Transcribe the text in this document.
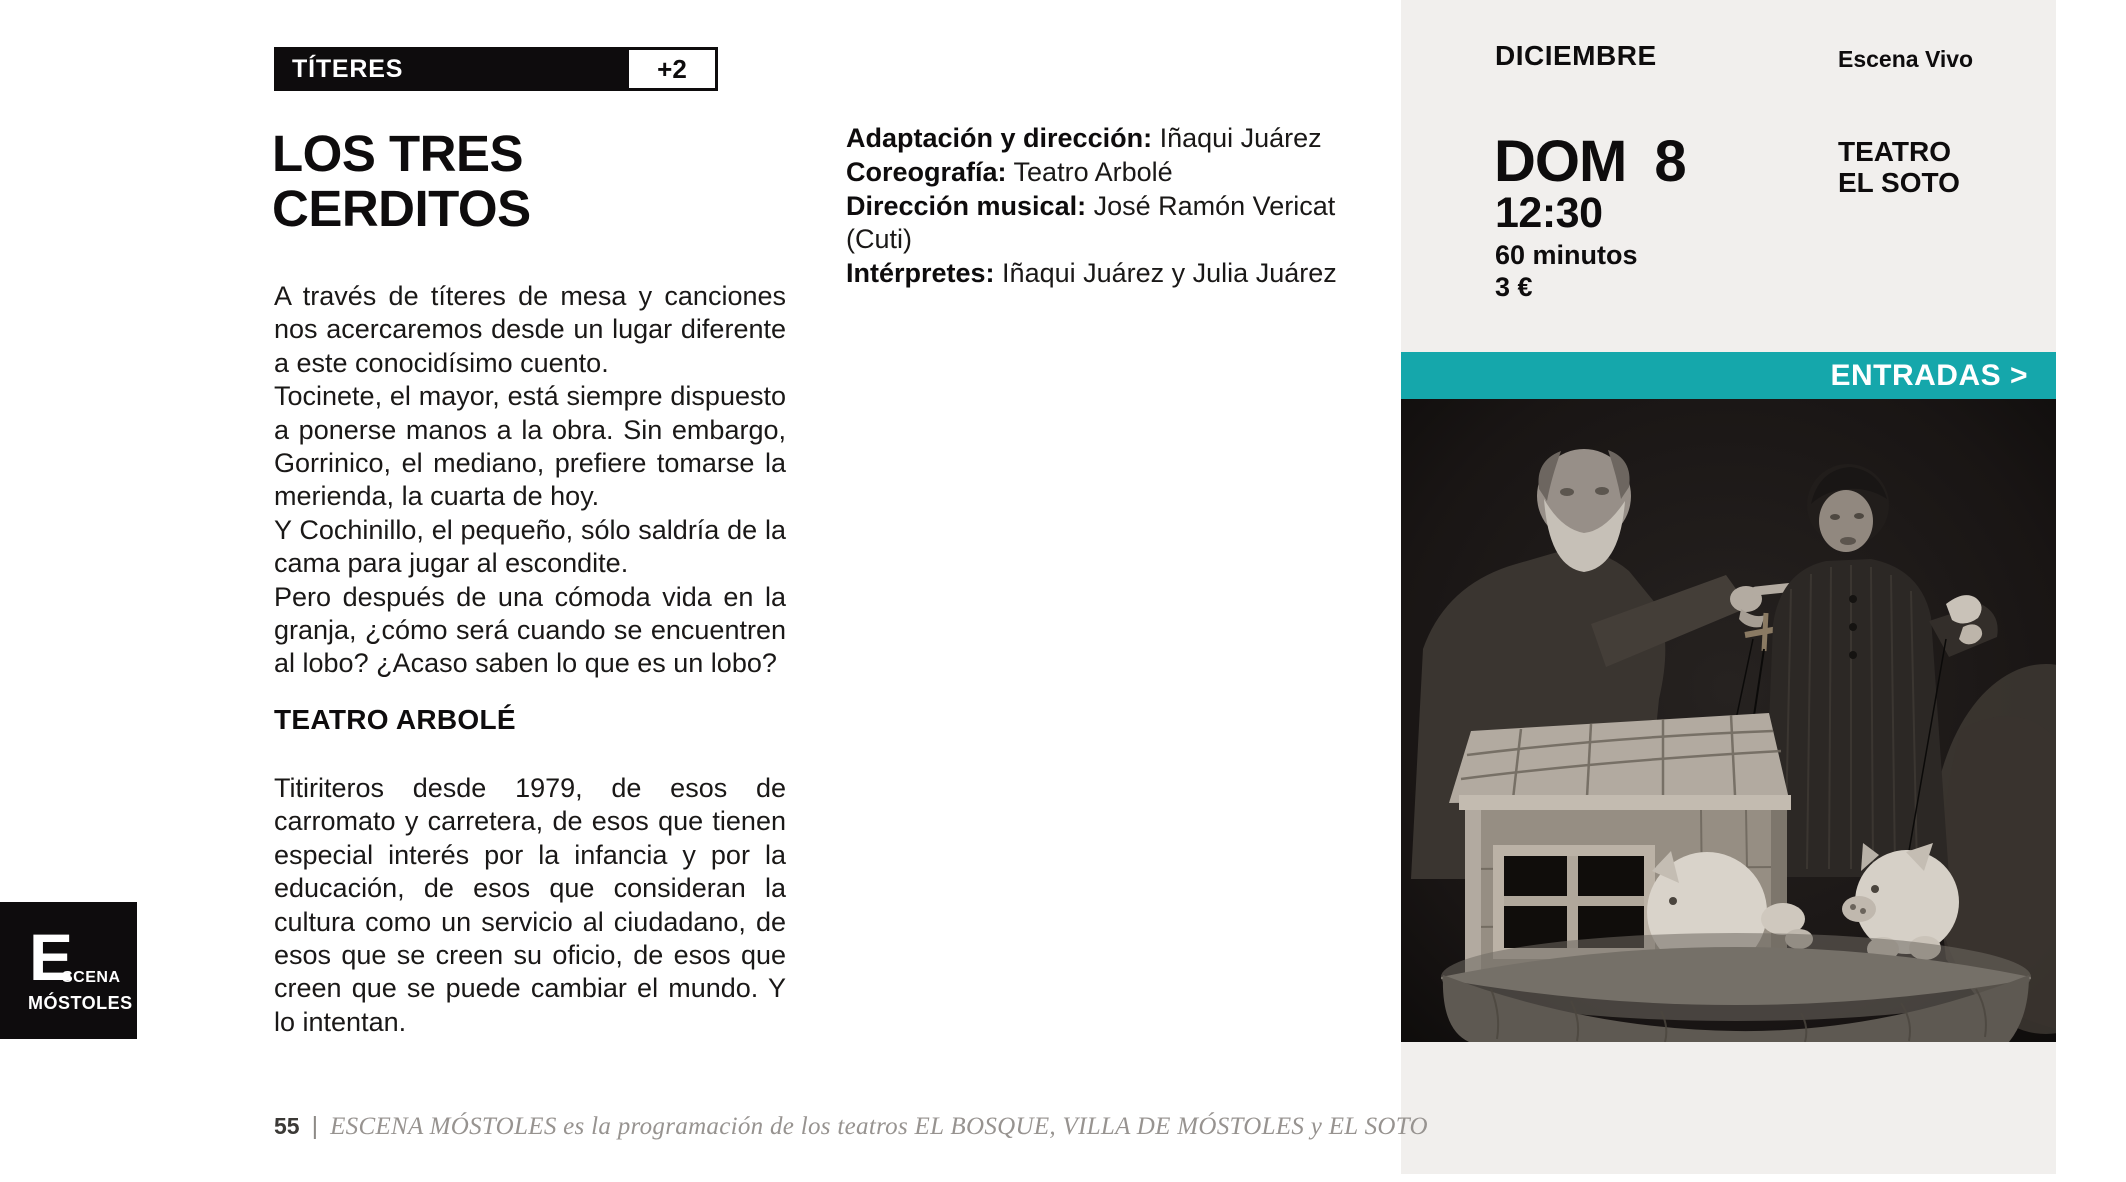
TÍTERES	+2
LOS TRES
CERDITOS

A través de títeres de mesa y canciones nos acercaremos desde un lugar diferente a este conocidísimo cuento.

Tocinete, el mayor, está siempre dispuesto a ponerse manos a la obra. Sin embargo, Gorrinico, el mediano, prefiere tomarse la merienda, la cuarta de hoy.

Y Cochinillo, el pequeño, sólo saldría de la cama para jugar al escondite.

Pero después de una cómoda vida en la granja, ¿cómo será cuando se encuentren al lobo? ¿Acaso saben lo que es un lobo?

TEATRO ARBOLÉ

Titiriteros desde 1979, de esos de carromato y carretera, de esos que tienen especial interés por la infancia y por la educación, de esos que consideran la cultura como un servicio al ciudadano, de esos que se creen su oficio, de esos que creen que se puede cambiar el mundo. Y lo intentan.

Adaptación y dirección: Iñaqui Juárez

Coreografía: Teatro Arbolé

Dirección musical: José Ramón Vericat (Cuti)

Intérpretes: Iñaqui Juárez y Julia Juárez

DICIEMBRE	Escena Vivo
DOM 8	TEATRO
EL SOTO
12:30
60 minutos
3 €
ENTRADAS >
E
SCENA
MÓSTOLES
55 | ESCENA MÓSTOLES es la programación de los teatros EL BOSQUE, VILLA DE MÓSTOLES y EL SOTO
